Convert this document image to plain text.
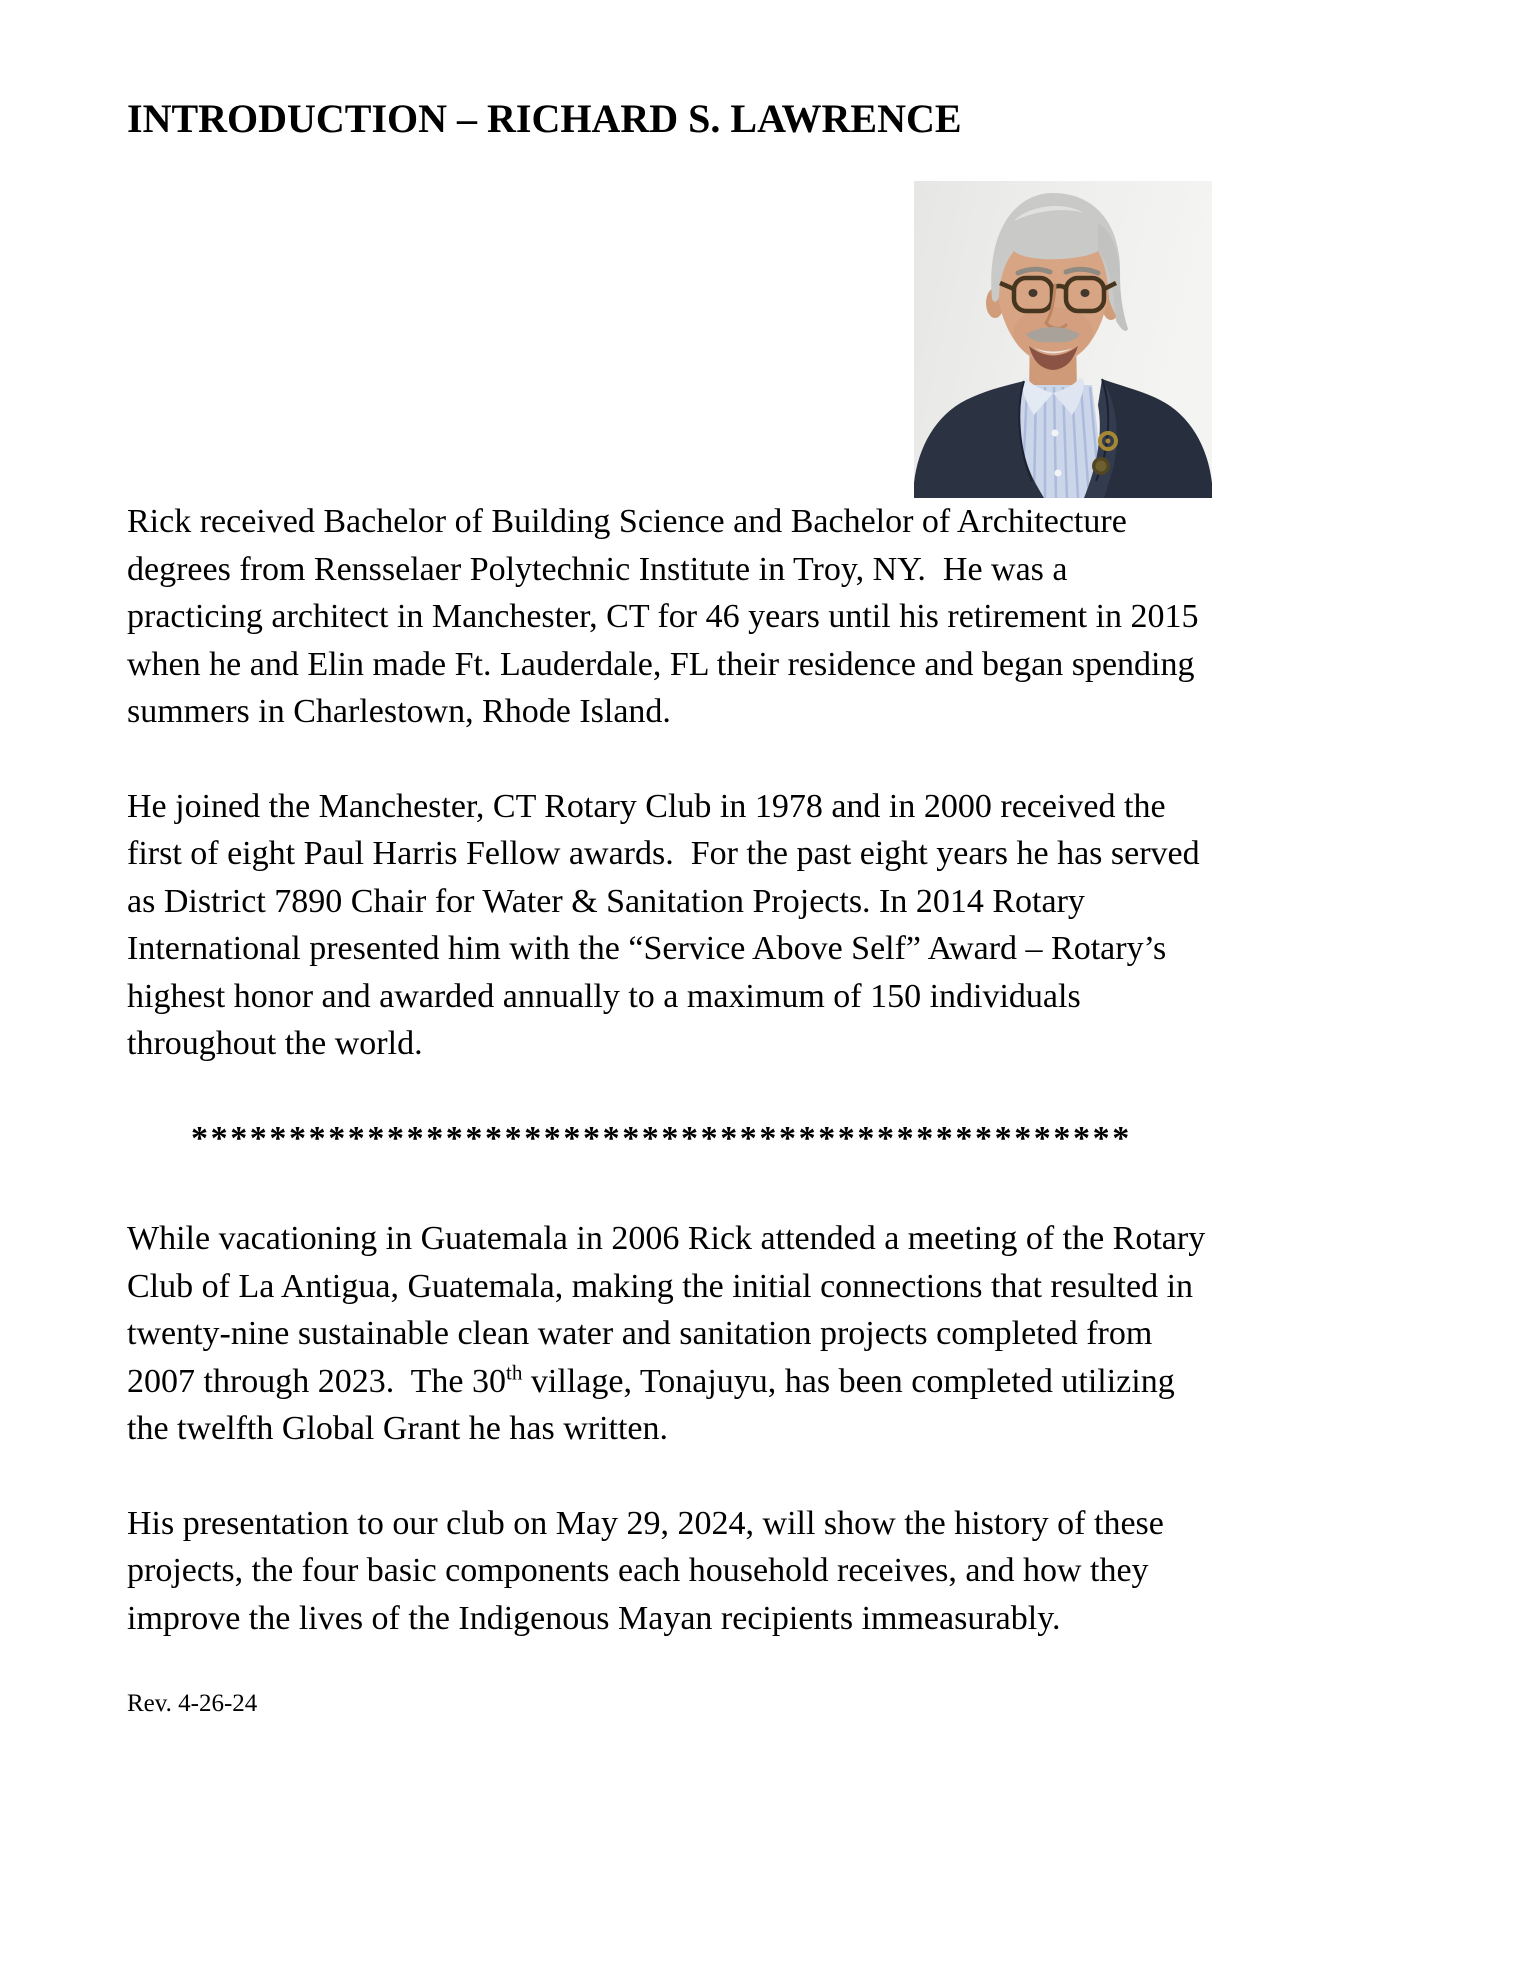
INTRODUCTION – RICHARD S. LAWRENCE

Rick received Bachelor of Building Science and Bachelor of Architecture
degrees from Rensselaer Polytechnic Institute in Troy, NY.  He was a
practicing architect in Manchester, CT for 46 years until his retirement in 2015
when he and Elin made Ft. Lauderdale, FL their residence and began spending
summers in Charlestown, Rhode Island.

He joined the Manchester, CT Rotary Club in 1978 and in 2000 received the
first of eight Paul Harris Fellow awards.  For the past eight years he has served
as District 7890 Chair for Water & Sanitation Projects. In 2014 Rotary
International presented him with the “Service Above Self” Award – Rotary’s
highest honor and awarded annually to a maximum of 150 individuals
throughout the world.

************************************************

While vacationing in Guatemala in 2006 Rick attended a meeting of the Rotary
Club of La Antigua, Guatemala, making the initial connections that resulted in
twenty-nine sustainable clean water and sanitation projects completed from
2007 through 2023.  The 30th village, Tonajuyu, has been completed utilizing
the twelfth Global Grant he has written.

His presentation to our club on May 29, 2024, will show the history of these
projects, the four basic components each household receives, and how they
improve the lives of the Indigenous Mayan recipients immeasurably.

Rev. 4-26-24
